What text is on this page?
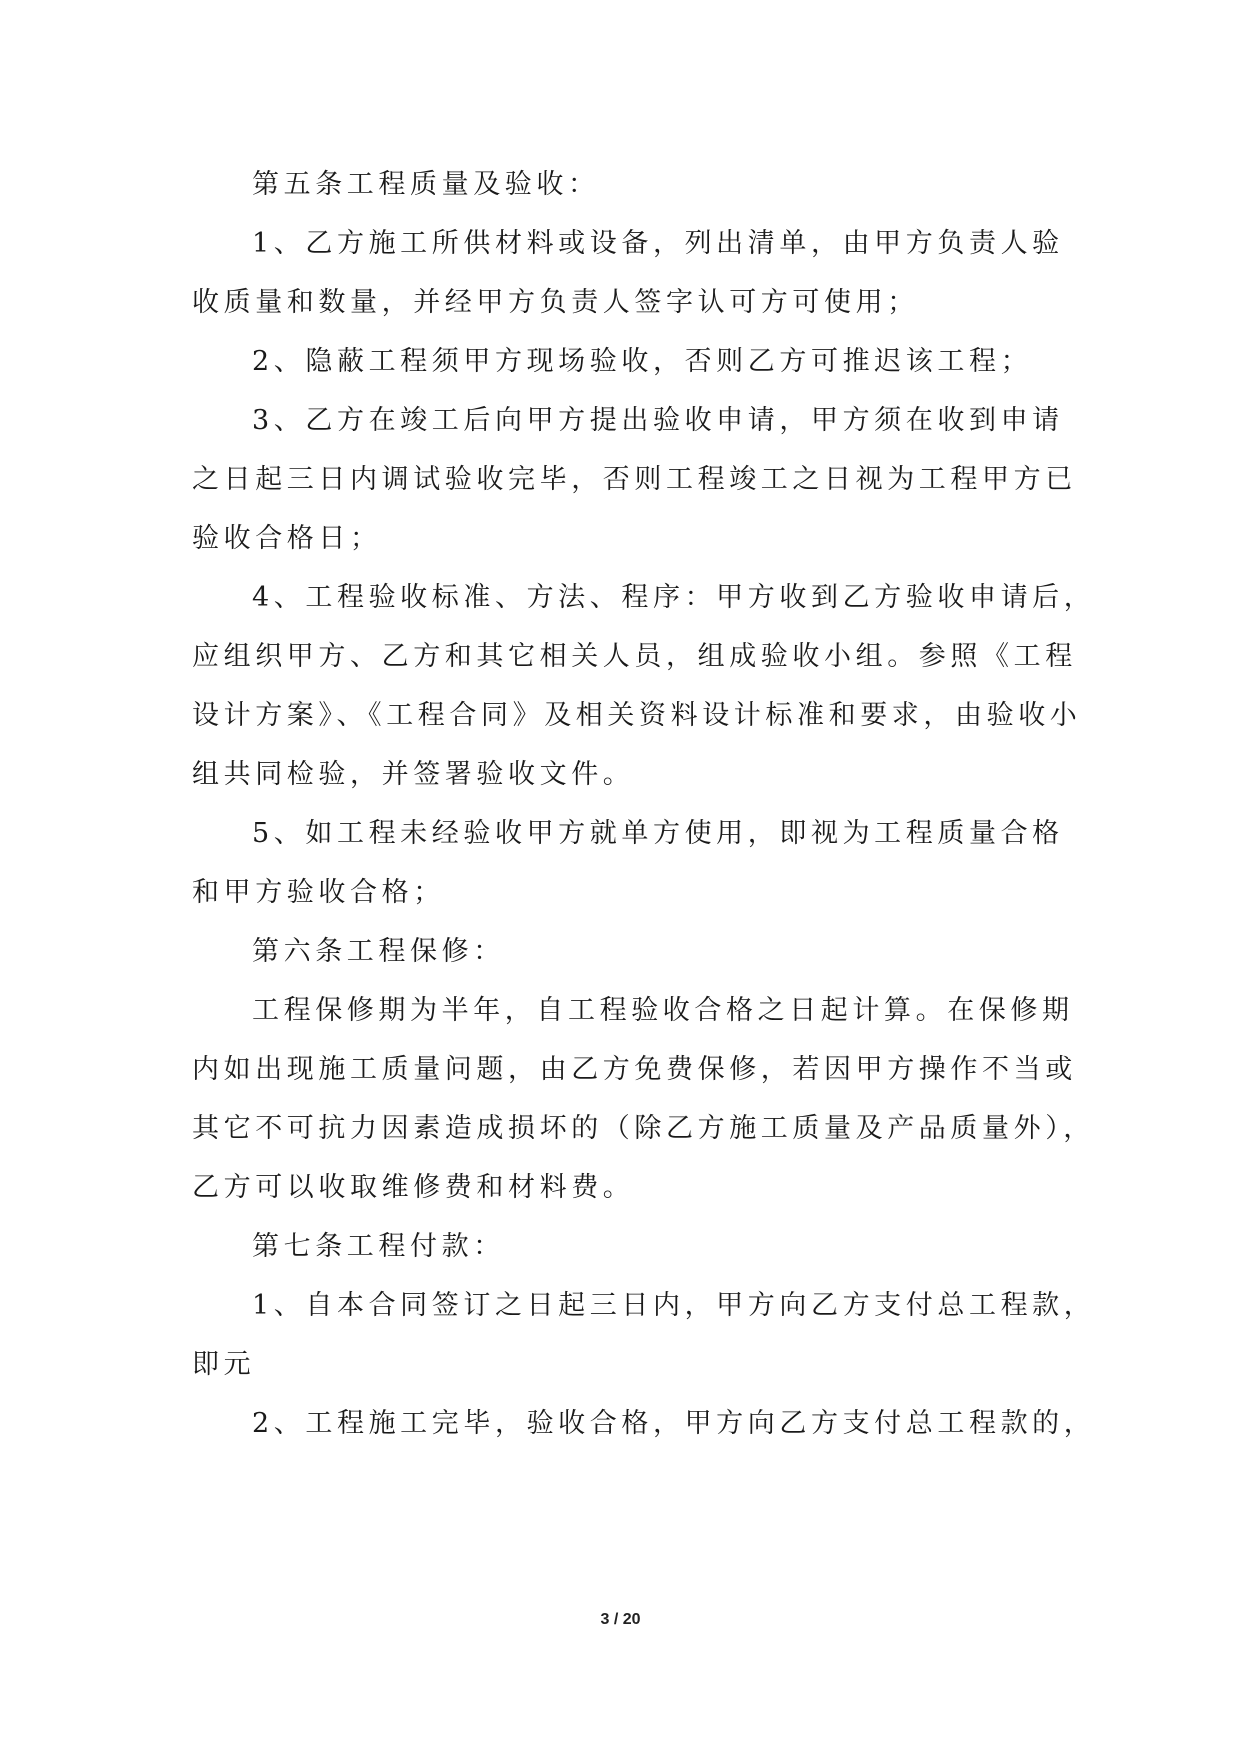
第五条工程质量及验收：
1、乙方施工所供材料或设备，列出清单，由甲方负责人验
收质量和数量，并经甲方负责人签字认可方可使用；
2、隐蔽工程须甲方现场验收，否则乙方可推迟该工程；
3、乙方在竣工后向甲方提出验收申请，甲方须在收到申请
之日起三日内调试验收完毕，否则工程竣工之日视为工程甲方已
验收合格日；
4、工程验收标准、方法、程序：甲方收到乙方验收申请后，
应组织甲方、乙方和其它相关人员，组成验收小组。参照《工程
设计方案》、《工程合同》及相关资料设计标准和要求，由验收小
组共同检验，并签署验收文件。
5、如工程未经验收甲方就单方使用，即视为工程质量合格
和甲方验收合格；
第六条工程保修：
工程保修期为半年，自工程验收合格之日起计算。在保修期
内如出现施工质量问题，由乙方免费保修，若因甲方操作不当或
其它不可抗力因素造成损坏的（除乙方施工质量及产品质量外），
乙方可以收取维修费和材料费。
第七条工程付款：
1、自本合同签订之日起三日内，甲方向乙方支付总工程款，
即元
2、工程施工完毕，验收合格，甲方向乙方支付总工程款的，
3 / 20
